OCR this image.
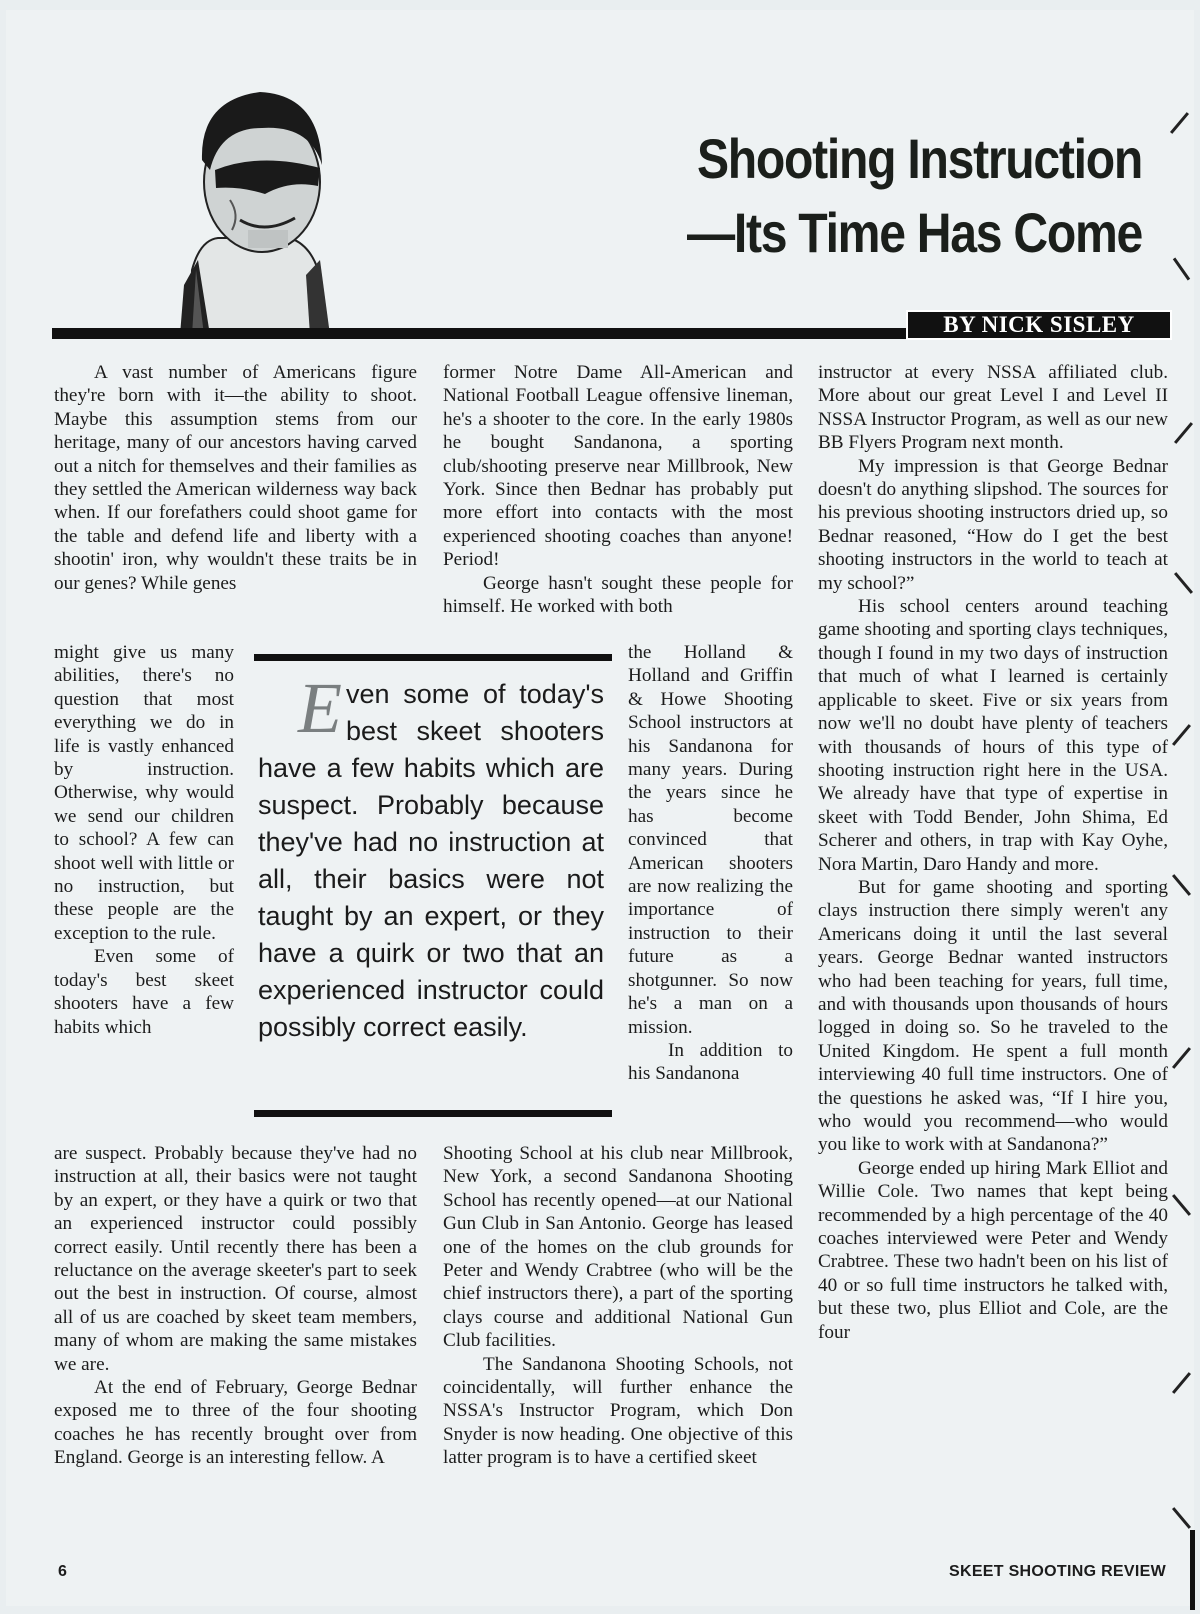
Shooting Instruction
—Its Time Has Come
BY NICK SISLEY

A vast number of Americans figure they're born with it—the ability to shoot. Maybe this assumption stems from our heritage, many of our ancestors having carved out a nitch for themselves and their families as they settled the American wilderness way back when. If our forefathers could shoot game for the table and defend life and liberty with a shootin' iron, why wouldn't these traits be in our genes? While genes

might give us many abilities, there's no question that most everything we do in life is vastly enhanced by instruction. Otherwise, why would we send our children to school? A few can shoot well with little or no instruction, but these people are the exception to the rule.

Even some of today's best skeet shooters have a few habits which

are suspect. Probably because they've had no instruction at all, their basics were not taught by an expert, or they have a quirk or two that an experienced instructor could possibly correct easily. Until recently there has been a reluctance on the average skeeter's part to seek out the best in instruction. Of course, almost all of us are coached by skeet team members, many of whom are making the same mistakes we are.

At the end of February, George Bednar exposed me to three of the four shooting coaches he has recently brought over from England. George is an interesting fellow. A

former Notre Dame All-American and National Football League offensive lineman, he's a shooter to the core. In the early 1980s he bought Sandanona, a sporting club/shooting preserve near Millbrook, New York. Since then Bednar has probably put more effort into contacts with the most experienced shooting coaches than anyone! Period!

George hasn't sought these people for himself. He worked with both

the Holland & Holland and Griffin & Howe Shooting School instructors at his Sandanona for many years. During the years since he has become convinced that American shooters are now realizing the importance of instruction to their future as a shotgunner. So now he's a man on a mission.

In addition to his Sandanona

Shooting School at his club near Millbrook, New York, a second Sandanona Shooting School has recently opened—at our National Gun Club in San Antonio. George has leased one of the homes on the club grounds for Peter and Wendy Crabtree (who will be the chief instructors there), a part of the sporting clays course and additional National Gun Club facilities.

The Sandanona Shooting Schools, not coincidentally, will further enhance the NSSA's Instructor Program, which Don Snyder is now heading. One objective of this latter program is to have a certified skeet

instructor at every NSSA affiliated club. More about our great Level I and Level II NSSA Instructor Program, as well as our new BB Flyers Program next month.

My impression is that George Bednar doesn't do anything slipshod. The sources for his previous shooting instructors dried up, so Bednar reasoned, “How do I get the best shooting instructors in the world to teach at my school?”

His school centers around teaching game shooting and sporting clays techniques, though I found in my two days of instruction that much of what I learned is certainly applicable to skeet. Five or six years from now we'll no doubt have plenty of teachers with thousands of hours of this type of shooting instruction right here in the USA. We already have that type of expertise in skeet with Todd Bender, John Shima, Ed Scherer and others, in trap with Kay Oyhe, Nora Martin, Daro Handy and more.

But for game shooting and sporting clays instruction there simply weren't any Americans doing it until the last several years. George Bednar wanted instructors who had been teaching for years, full time, and with thousands upon thousands of hours logged in doing so. So he traveled to the United Kingdom. He spent a full month interviewing 40 full time instructors. One of the questions he asked was, “If I hire you, who would you recommend—who would you like to work with at Sandanona?”

George ended up hiring Mark Elliot and Willie Cole. Two names that kept being recommended by a high percentage of the 40 coaches interviewed were Peter and Wendy Crabtree. These two hadn't been on his list of 40 or so full time instructors he talked with, but these two, plus Elliot and Cole, are the four

Even some of today's best skeet shooters have a few habits which are suspect. Probably because they've had no instruction at all, their basics were not taught by an expert, or they have a quirk or two that an experienced instructor could possibly correct easily.
6	SKEET SHOOTING REVIEW
